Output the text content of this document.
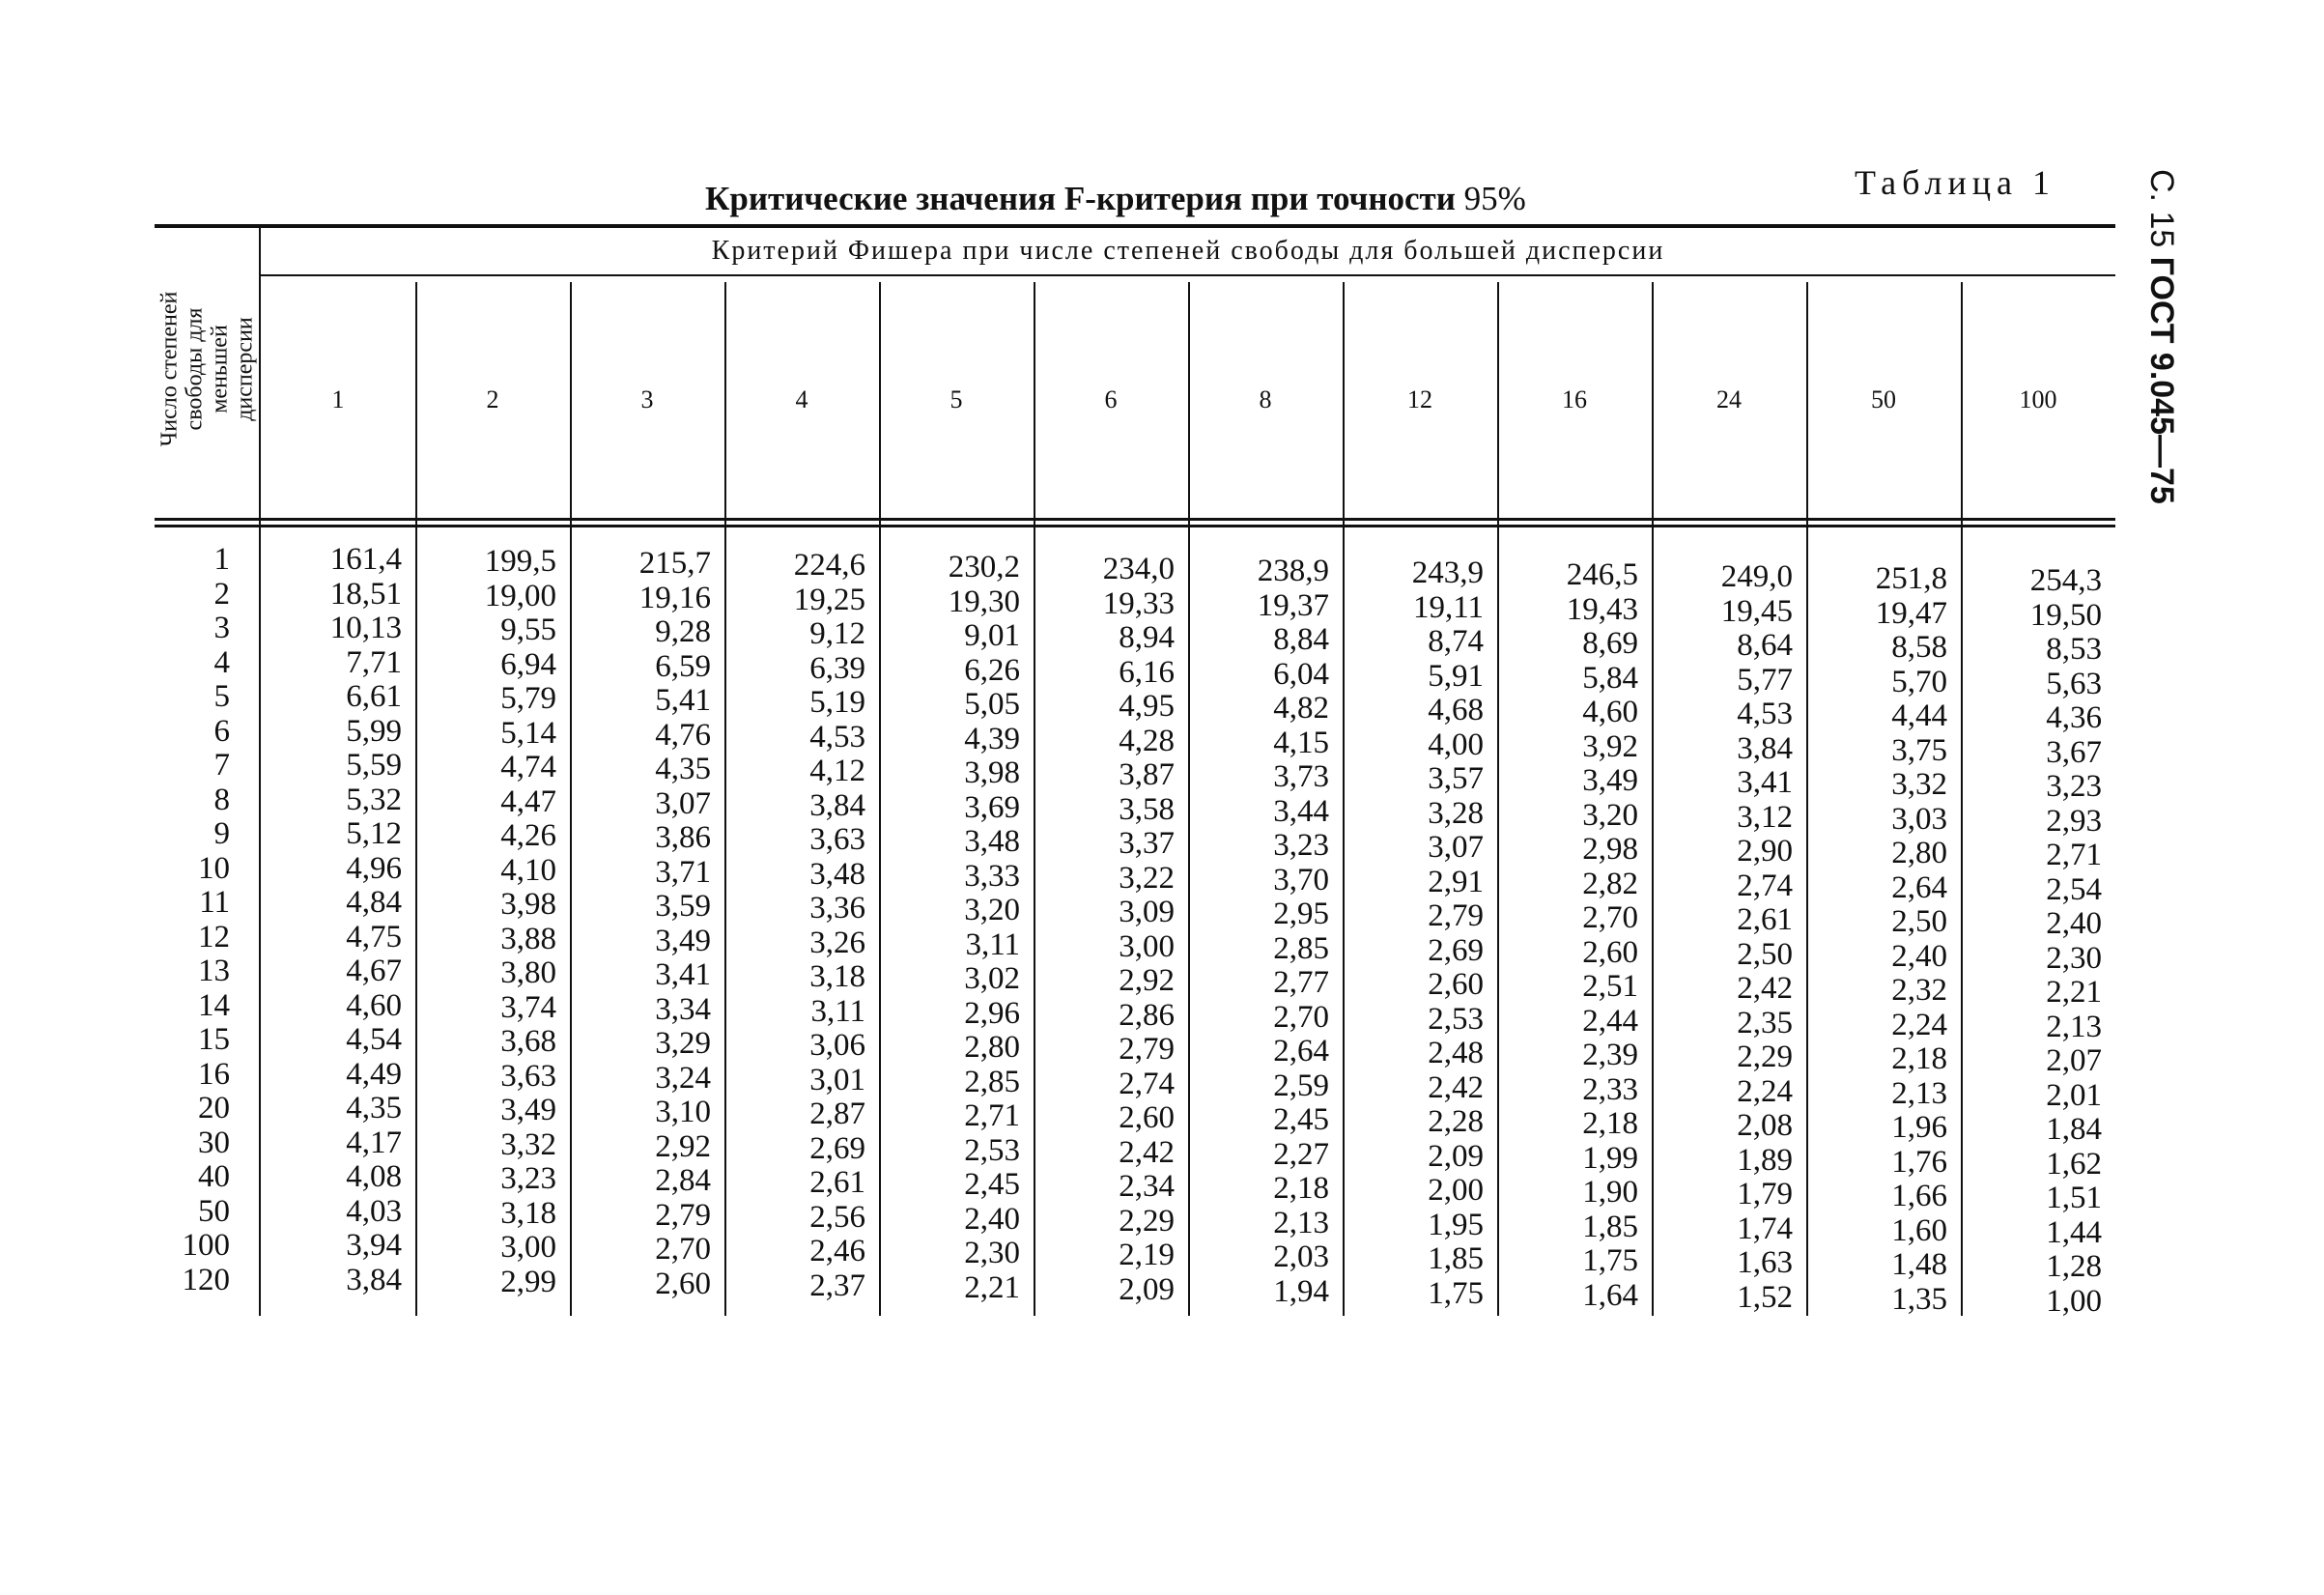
Таблица 1
Критические значения F-критерия при точности 95%	С. 15 ГОСТ 9.045—75
Число степеней
свободы для
меньшей
дисперсии
Критерий Фишера при числе степеней свободы для большей дисперсии
1
2
3
4
5
6
7
8
9
10
11
12
13
14
15
16
20
30
40
50
100
120
1
161,4
18,51
10,13
7,71
6,61
5,99
5,59
5,32
5,12
4,96
4,84
4,75
4,67
4,60
4,54
4,49
4,35
4,17
4,08
4,03
3,94
3,84
2
199,5
19,00
9,55
6,94
5,79
5,14
4,74
4,47
4,26
4,10
3,98
3,88
3,80
3,74
3,68
3,63
3,49
3,32
3,23
3,18
3,00
2,99
3
215,7
19,16
9,28
6,59
5,41
4,76
4,35
3,07
3,86
3,71
3,59
3,49
3,41
3,34
3,29
3,24
3,10
2,92
2,84
2,79
2,70
2,60
4
224,6
19,25
9,12
6,39
5,19
4,53
4,12
3,84
3,63
3,48
3,36
3,26
3,18
3,11
3,06
3,01
2,87
2,69
2,61
2,56
2,46
2,37
5
230,2
19,30
9,01
6,26
5,05
4,39
3,98
3,69
3,48
3,33
3,20
3,11
3,02
2,96
2,80
2,85
2,71
2,53
2,45
2,40
2,30
2,21
6
234,0
19,33
8,94
6,16
4,95
4,28
3,87
3,58
3,37
3,22
3,09
3,00
2,92
2,86
2,79
2,74
2,60
2,42
2,34
2,29
2,19
2,09
8
238,9
19,37
8,84
6,04
4,82
4,15
3,73
3,44
3,23
3,70
2,95
2,85
2,77
2,70
2,64
2,59
2,45
2,27
2,18
2,13
2,03
1,94
12
243,9
19,11
8,74
5,91
4,68
4,00
3,57
3,28
3,07
2,91
2,79
2,69
2,60
2,53
2,48
2,42
2,28
2,09
2,00
1,95
1,85
1,75
16
246,5
19,43
8,69
5,84
4,60
3,92
3,49
3,20
2,98
2,82
2,70
2,60
2,51
2,44
2,39
2,33
2,18
1,99
1,90
1,85
1,75
1,64
24
249,0
19,45
8,64
5,77
4,53
3,84
3,41
3,12
2,90
2,74
2,61
2,50
2,42
2,35
2,29
2,24
2,08
1,89
1,79
1,74
1,63
1,52
50
251,8
19,47
8,58
5,70
4,44
3,75
3,32
3,03
2,80
2,64
2,50
2,40
2,32
2,24
2,18
2,13
1,96
1,76
1,66
1,60
1,48
1,35
100
254,3
19,50
8,53
5,63
4,36
3,67
3,23
2,93
2,71
2,54
2,40
2,30
2,21
2,13
2,07
2,01
1,84
1,62
1,51
1,44
1,28
1,00
